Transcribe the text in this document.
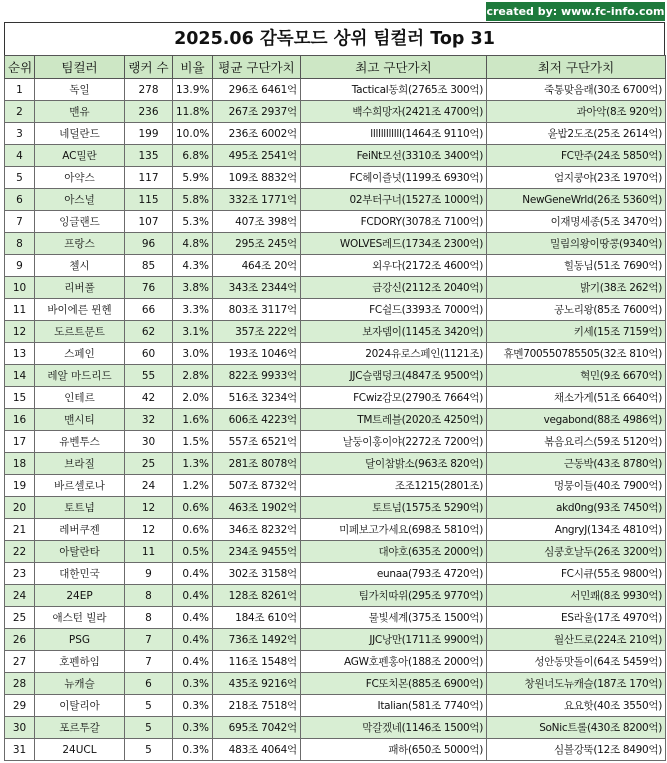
created by: www.fc-info.com
2025.06 감독모드 상위 팀컬러 Top 31
순위	팀컬러	랭커 수	비율	평균 구단가치	최고 구단가치	최저 구단가치
1	독일	278	13.9%	296조 6461억	Tactical동희(2765조 300억)	죽통맞음래(30조 6700억)
2	맨유	236	11.8%	267조 2937억	백수희망자(2421조 4700억)	과아악(8조 920억)
3	네덜란드	199	10.0%	236조 6002억	llllllllllll(1464조 9110억)	윤밥2도조(25조 2614억)
4	AC밀란	135	6.8%	495조 2541억	FeiNt모선(3310조 3400억)	FC만주(24조 5850억)
5	아약스	117	5.9%	109조 8832억	FC헤이즐넛(1199조 6930억)	엄지쿵야(23조 1970억)
6	아스널	115	5.8%	332조 1771억	02부터구너(1527조 1000억)	NewGeneWrld(26조 5360억)
7	잉글랜드	107	5.3%	407조 398억	FCDORY(3078조 7100억)	이재명세종(5조 3470억)
8	프랑스	96	4.8%	295조 245억	WOLVES레드(1734조 2300억)	밀림의왕이땅콩(9340억)
9	첼시	85	4.3%	464조 20억	외우다(2172조 4600억)	힐동님(51조 7690억)
10	리버풀	76	3.8%	343조 2344억	금강신(2112조 2040억)	밝기(38조 262억)
11	바이에른 뮌헨	66	3.3%	803조 3117억	FC쉴드(3393조 7000억)	공노리왕(85조 7600억)
12	도르트문트	62	3.1%	357조 222억	보자뎀이(1145조 3420억)	키세(15조 7159억)
13	스페인	60	3.0%	193조 1046억	2024유로스페인(1121조)	휴멘700550785505(32조 810억)
14	레알 마드리드	55	2.8%	822조 9933억	JJC슬램덩크(4847조 9500억)	혁민(9조 6670억)
15	인테르	42	2.0%	516조 3234억	FCwiz감모(2790조 7664억)	채소가게(51조 6640억)
16	맨시티	32	1.6%	606조 4223억	TM트레블(2020조 4250억)	vegabond(88조 4986억)
17	유벤투스	30	1.5%	557조 6521억	날둥이홍이야(2272조 7200억)	볶음요리스(59조 5120억)
18	브라질	25	1.3%	281조 8078억	달이참밝소(963조 820억)	근동박(43조 8780억)
19	바르셀로나	24	1.2%	507조 8732억	조조1215(2801조)	멍뭉이들(40조 7900억)
20	토트넘	12	0.6%	463조 1902억	토트넘(1575조 5290억)	akd0ng(93조 7450억)
21	레버쿠젠	12	0.6%	346조 8232억	미페보고가세요(698조 5810억)	AngryJ(134조 4810억)
22	아탈란타	11	0.5%	234조 9455억	대야호(635조 2000억)	심쿵호날두(26조 3200억)
23	대한민국	9	0.4%	302조 3158억	eunaa(793조 4720억)	FC시큐(55조 9800억)
24	24EP	8	0.4%	128조 8261억	팀가치따위(295조 9770억)	서민쾌(8조 9930억)
25	애스턴 빌라	8	0.4%	184조 610억	물빛세계(375조 1500억)	ES라울(17조 4970억)
26	PSG	7	0.4%	736조 1492억	JJC낭만(1711조 9900억)	월산드로(224조 210억)
27	호펜하임	7	0.4%	116조 1548억	AGW호펜홍아(188조 2000억)	성안동맛돌이(64조 5459억)
28	뉴캐슬	6	0.3%	435조 9216억	FC또치몬(885조 6900억)	창원너도뉴캐슬(187조 170억)
29	이탈리아	5	0.3%	218조 7518억	Italian(581조 7740억)	요요핫(40조 3550억)
30	포르투갈	5	0.3%	695조 7042억	막갈겠네(1146조 1500억)	SoNic트롤(430조 8200억)
31	24UCL	5	0.3%	483조 4064억	패하(650조 5000억)	심볼강뚝(12조 8490억)
